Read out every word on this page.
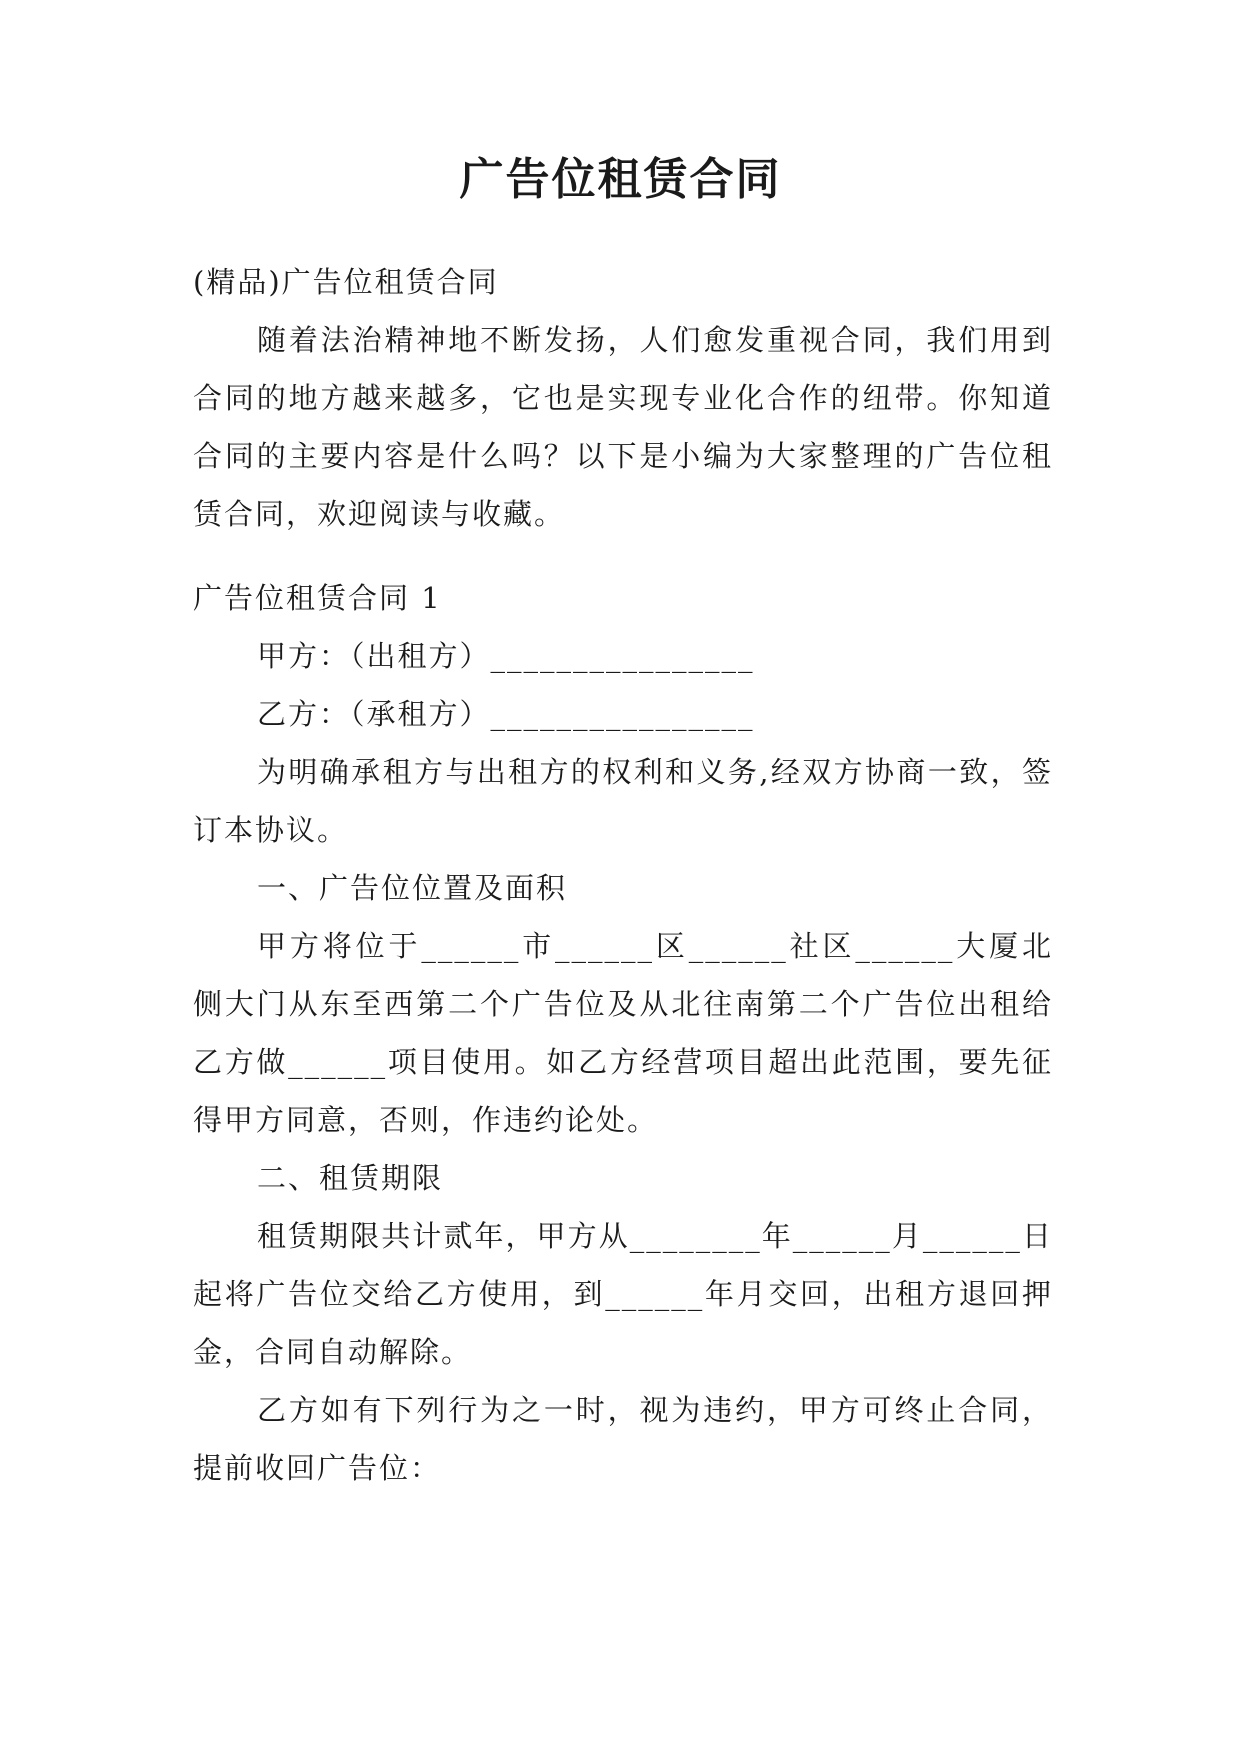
广告位租赁合同

(精品)广告位租赁合同

随着法治精神地不断发扬，人们愈发重视合同，我们用到合同的地方越来越多，它也是实现专业化合作的纽带。你知道合同的主要内容是什么吗？以下是小编为大家整理的广告位租赁合同，欢迎阅读与收藏。

广告位租赁合同 1

甲方：（出租方）________________

乙方：（承租方）________________

为明确承租方与出租方的权利和义务,经双方协商一致，签订本协议。

一、广告位位置及面积

甲方将位于______市______区______社区______大厦北侧大门从东至西第二个广告位及从北往南第二个广告位出租给乙方做______项目使用。如乙方经营项目超出此范围，要先征得甲方同意，否则，作违约论处。

二、租赁期限

租赁期限共计贰年，甲方从________年______月______日起将广告位交给乙方使用，到______年月交回，出租方退回押金，合同自动解除。

乙方如有下列行为之一时，视为违约，甲方可终止合同，提前收回广告位：
